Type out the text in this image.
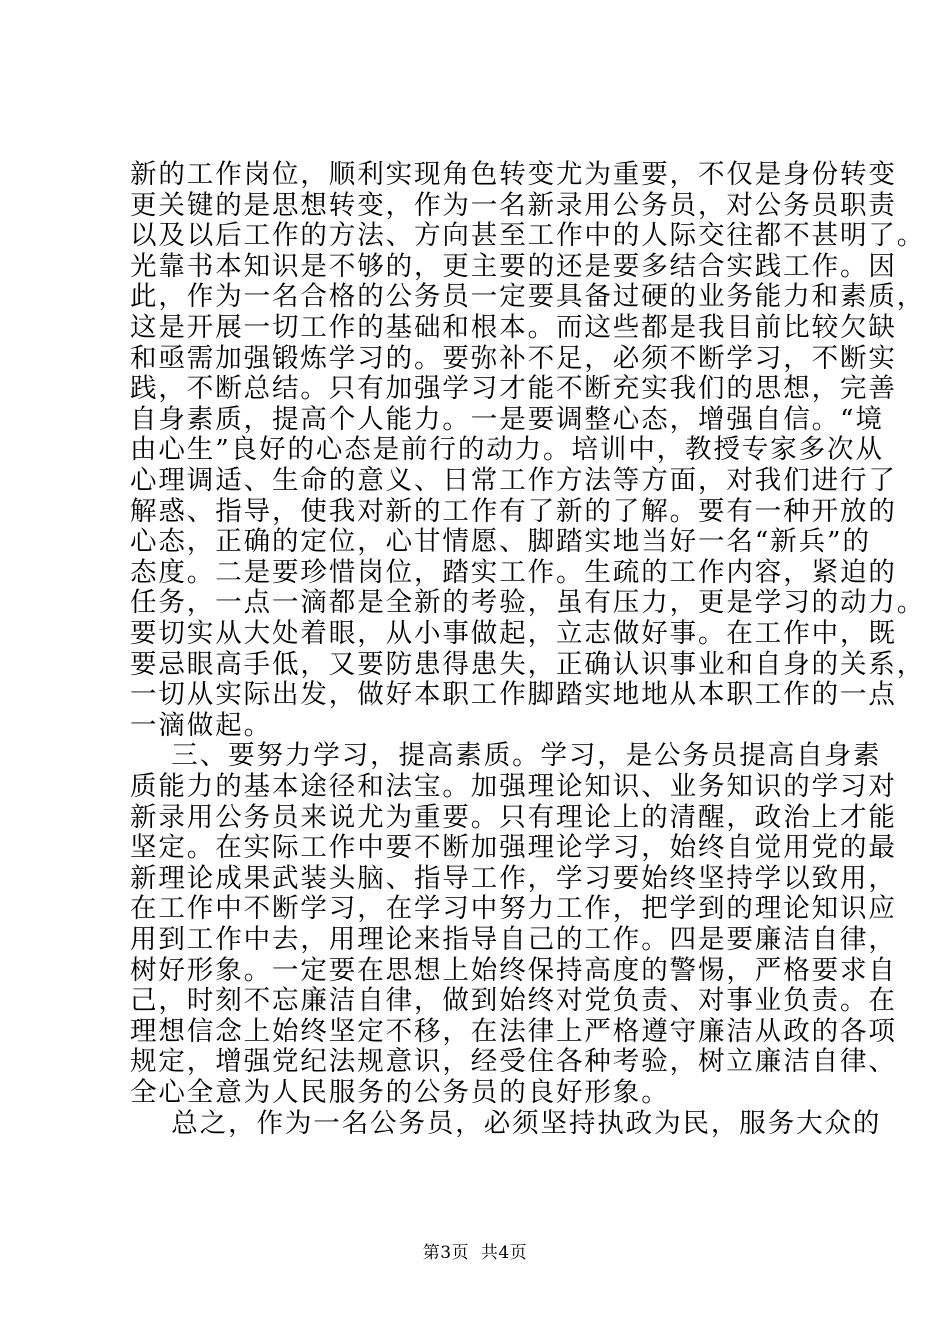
新的工作岗位，顺利实现角色转变尤为重要，不仅是身份转变
更关键的是思想转变，作为一名新录用公务员，对公务员职责
以及以后工作的方法、方向甚至工作中的人际交往都不甚明了。
光靠书本知识是不够的，更主要的还是要多结合实践工作。因
此，作为一名合格的公务员一定要具备过硬的业务能力和素质，
这是开展一切工作的基础和根本。而这些都是我目前比较欠缺
和亟需加强锻炼学习的。要弥补不足，必须不断学习，不断实
践，不断总结。只有加强学习才能不断充实我们的思想，完善
自身素质，提高个人能力。一是要调整心态，增强自信。“境
由心生”良好的心态是前行的动力。培训中，教授专家多次从
心理调适、生命的意义、日常工作方法等方面，对我们进行了
解惑、指导，使我对新的工作有了新的了解。要有一种开放的
心态，正确的定位，心甘情愿、脚踏实地当好一名“新兵”的
态度。二是要珍惜岗位，踏实工作。生疏的工作内容，紧迫的
任务，一点一滴都是全新的考验，虽有压力，更是学习的动力。
要切实从大处着眼，从小事做起，立志做好事。在工作中，既
要忌眼高手低，又要防患得患失，正确认识事业和自身的关系，
一切从实际出发，做好本职工作脚踏实地地从本职工作的一点
一滴做起。
三、要努力学习，提高素质。学习，是公务员提高自身素
质能力的基本途径和法宝。加强理论知识、业务知识的学习对
新录用公务员来说尤为重要。只有理论上的清醒，政治上才能
坚定。在实际工作中要不断加强理论学习，始终自觉用党的最
新理论成果武装头脑、指导工作，学习要始终坚持学以致用，
在工作中不断学习，在学习中努力工作，把学到的理论知识应
用到工作中去，用理论来指导自己的工作。四是要廉洁自律，
树好形象。一定要在思想上始终保持高度的警惕，严格要求自
己，时刻不忘廉洁自律，做到始终对党负责、对事业负责。在
理想信念上始终坚定不移，在法律上严格遵守廉洁从政的各项
规定，增强党纪法规意识，经受住各种考验，树立廉洁自律、
全心全意为人民服务的公务员的良好形象。
总之，作为一名公务员，必须坚持执政为民，服务大众的
第3页  共4页
